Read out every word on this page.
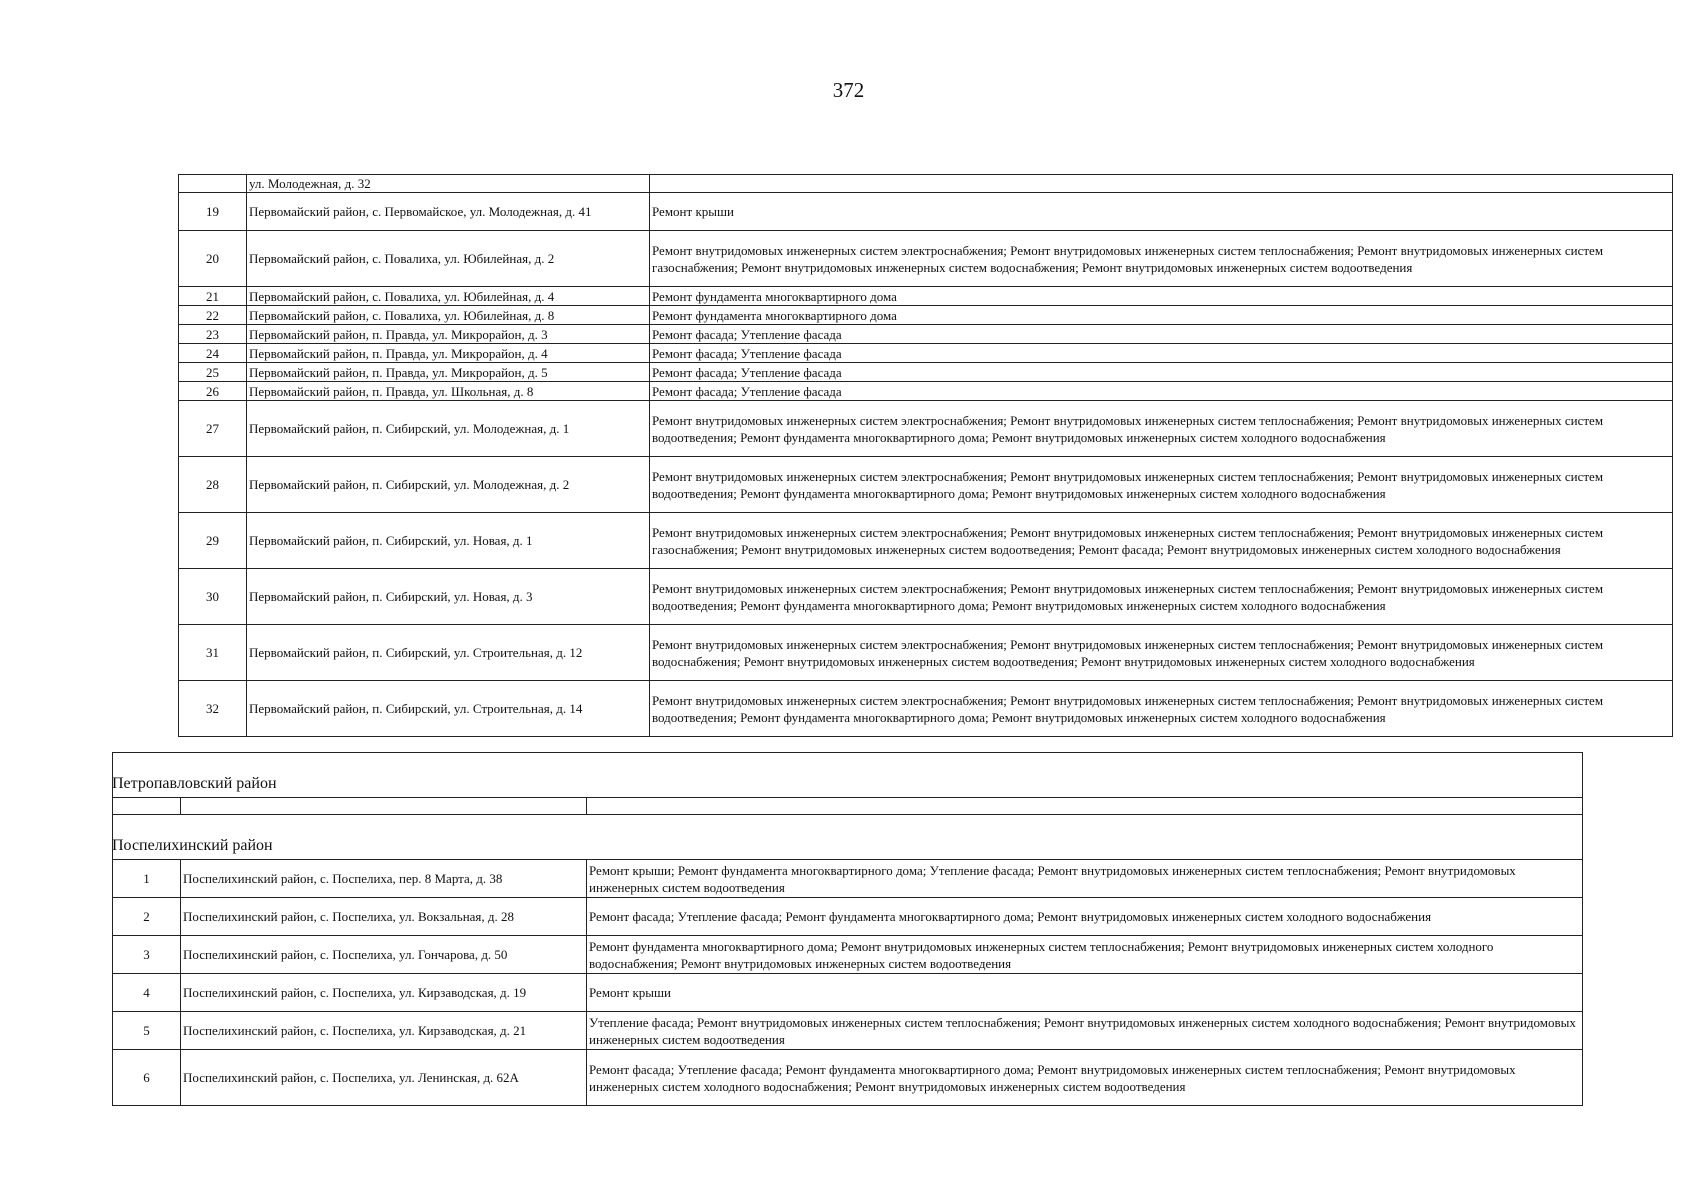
372
	ул. Молодежная, д. 32	
19	Первомайский район, с. Первомайское, ул. Молодежная, д. 41	Ремонт крыши
20	Первомайский район, с. Повалиха, ул. Юбилейная, д. 2	Ремонт внутридомовых инженерных систем электроснабжения; Ремонт внутридомовых инженерных систем теплоснабжения; Ремонт внутридомовых инженерных систем газоснабжения; Ремонт внутридомовых инженерных систем водоснабжения; Ремонт внутридомовых инженерных систем водоотведения
21	Первомайский район, с. Повалиха, ул. Юбилейная, д. 4	Ремонт фундамента многоквартирного дома
22	Первомайский район, с. Повалиха, ул. Юбилейная, д. 8	Ремонт фундамента многоквартирного дома
23	Первомайский район, п. Правда, ул. Микрорайон, д. 3	Ремонт фасада; Утепление фасада
24	Первомайский район, п. Правда, ул. Микрорайон, д. 4	Ремонт фасада; Утепление фасада
25	Первомайский район, п. Правда, ул. Микрорайон, д. 5	Ремонт фасада; Утепление фасада
26	Первомайский район, п. Правда, ул. Школьная, д. 8	Ремонт фасада; Утепление фасада
27	Первомайский район, п. Сибирский, ул. Молодежная, д. 1	Ремонт внутридомовых инженерных систем электроснабжения; Ремонт внутридомовых инженерных систем теплоснабжения; Ремонт внутридомовых инженерных систем водоотведения; Ремонт фундамента многоквартирного дома; Ремонт внутридомовых инженерных систем холодного водоснабжения
28	Первомайский район, п. Сибирский, ул. Молодежная, д. 2	Ремонт внутридомовых инженерных систем электроснабжения; Ремонт внутридомовых инженерных систем теплоснабжения; Ремонт внутридомовых инженерных систем водоотведения; Ремонт фундамента многоквартирного дома; Ремонт внутридомовых инженерных систем холодного водоснабжения
29	Первомайский район, п. Сибирский, ул. Новая, д. 1	Ремонт внутридомовых инженерных систем электроснабжения; Ремонт внутридомовых инженерных систем теплоснабжения; Ремонт внутридомовых инженерных систем газоснабжения; Ремонт внутридомовых инженерных систем водоотведения; Ремонт фасада; Ремонт внутридомовых инженерных систем холодного водоснабжения
30	Первомайский район, п. Сибирский, ул. Новая, д. 3	Ремонт внутридомовых инженерных систем электроснабжения; Ремонт внутридомовых инженерных систем теплоснабжения; Ремонт внутридомовых инженерных систем водоотведения; Ремонт фундамента многоквартирного дома; Ремонт внутридомовых инженерных систем холодного водоснабжения
31	Первомайский район, п. Сибирский, ул. Строительная, д. 12	Ремонт внутридомовых инженерных систем электроснабжения; Ремонт внутридомовых инженерных систем теплоснабжения; Ремонт внутридомовых инженерных систем водоснабжения; Ремонт внутридомовых инженерных систем водоотведения; Ремонт внутридомовых инженерных систем холодного водоснабжения
32	Первомайский район, п. Сибирский, ул. Строительная, д. 14	Ремонт внутридомовых инженерных систем электроснабжения; Ремонт внутридомовых инженерных систем теплоснабжения; Ремонт внутридомовых инженерных систем водоотведения; Ремонт фундамента многоквартирного дома; Ремонт внутридомовых инженерных систем холодного водоснабжения
Петропавловский район
Поспелихинский район

1	Поспелихинский район, с. Поспелиха, пер. 8 Марта, д. 38	Ремонт крыши; Ремонт фундамента многоквартирного дома; Утепление фасада; Ремонт внутридомовых инженерных систем теплоснабжения; Ремонт внутридомовых инженерных систем водоотведения
2	Поспелихинский район, с. Поспелиха, ул. Вокзальная, д. 28	Ремонт фасада; Утепление фасада; Ремонт фундамента многоквартирного дома; Ремонт внутридомовых инженерных систем холодного водоснабжения
3	Поспелихинский район, с. Поспелиха, ул. Гончарова, д. 50	Ремонт фундамента многоквартирного дома; Ремонт внутридомовых инженерных систем теплоснабжения; Ремонт внутридомовых инженерных систем холодного водоснабжения; Ремонт внутридомовых инженерных систем водоотведения
4	Поспелихинский район, с. Поспелиха, ул. Кирзаводская, д. 19	Ремонт крыши
5	Поспелихинский район, с. Поспелиха, ул. Кирзаводская, д. 21	Утепление фасада; Ремонт внутридомовых инженерных систем теплоснабжения; Ремонт внутридомовых инженерных систем холодного водоснабжения; Ремонт внутридомовых инженерных систем водоотведения
6	Поспелихинский район, с. Поспелиха, ул. Ленинская, д. 62А	Ремонт фасада; Утепление фасада; Ремонт фундамента многоквартирного дома; Ремонт внутридомовых инженерных систем теплоснабжения; Ремонт внутридомовых инженерных систем холодного водоснабжения; Ремонт внутридомовых инженерных систем водоотведения
